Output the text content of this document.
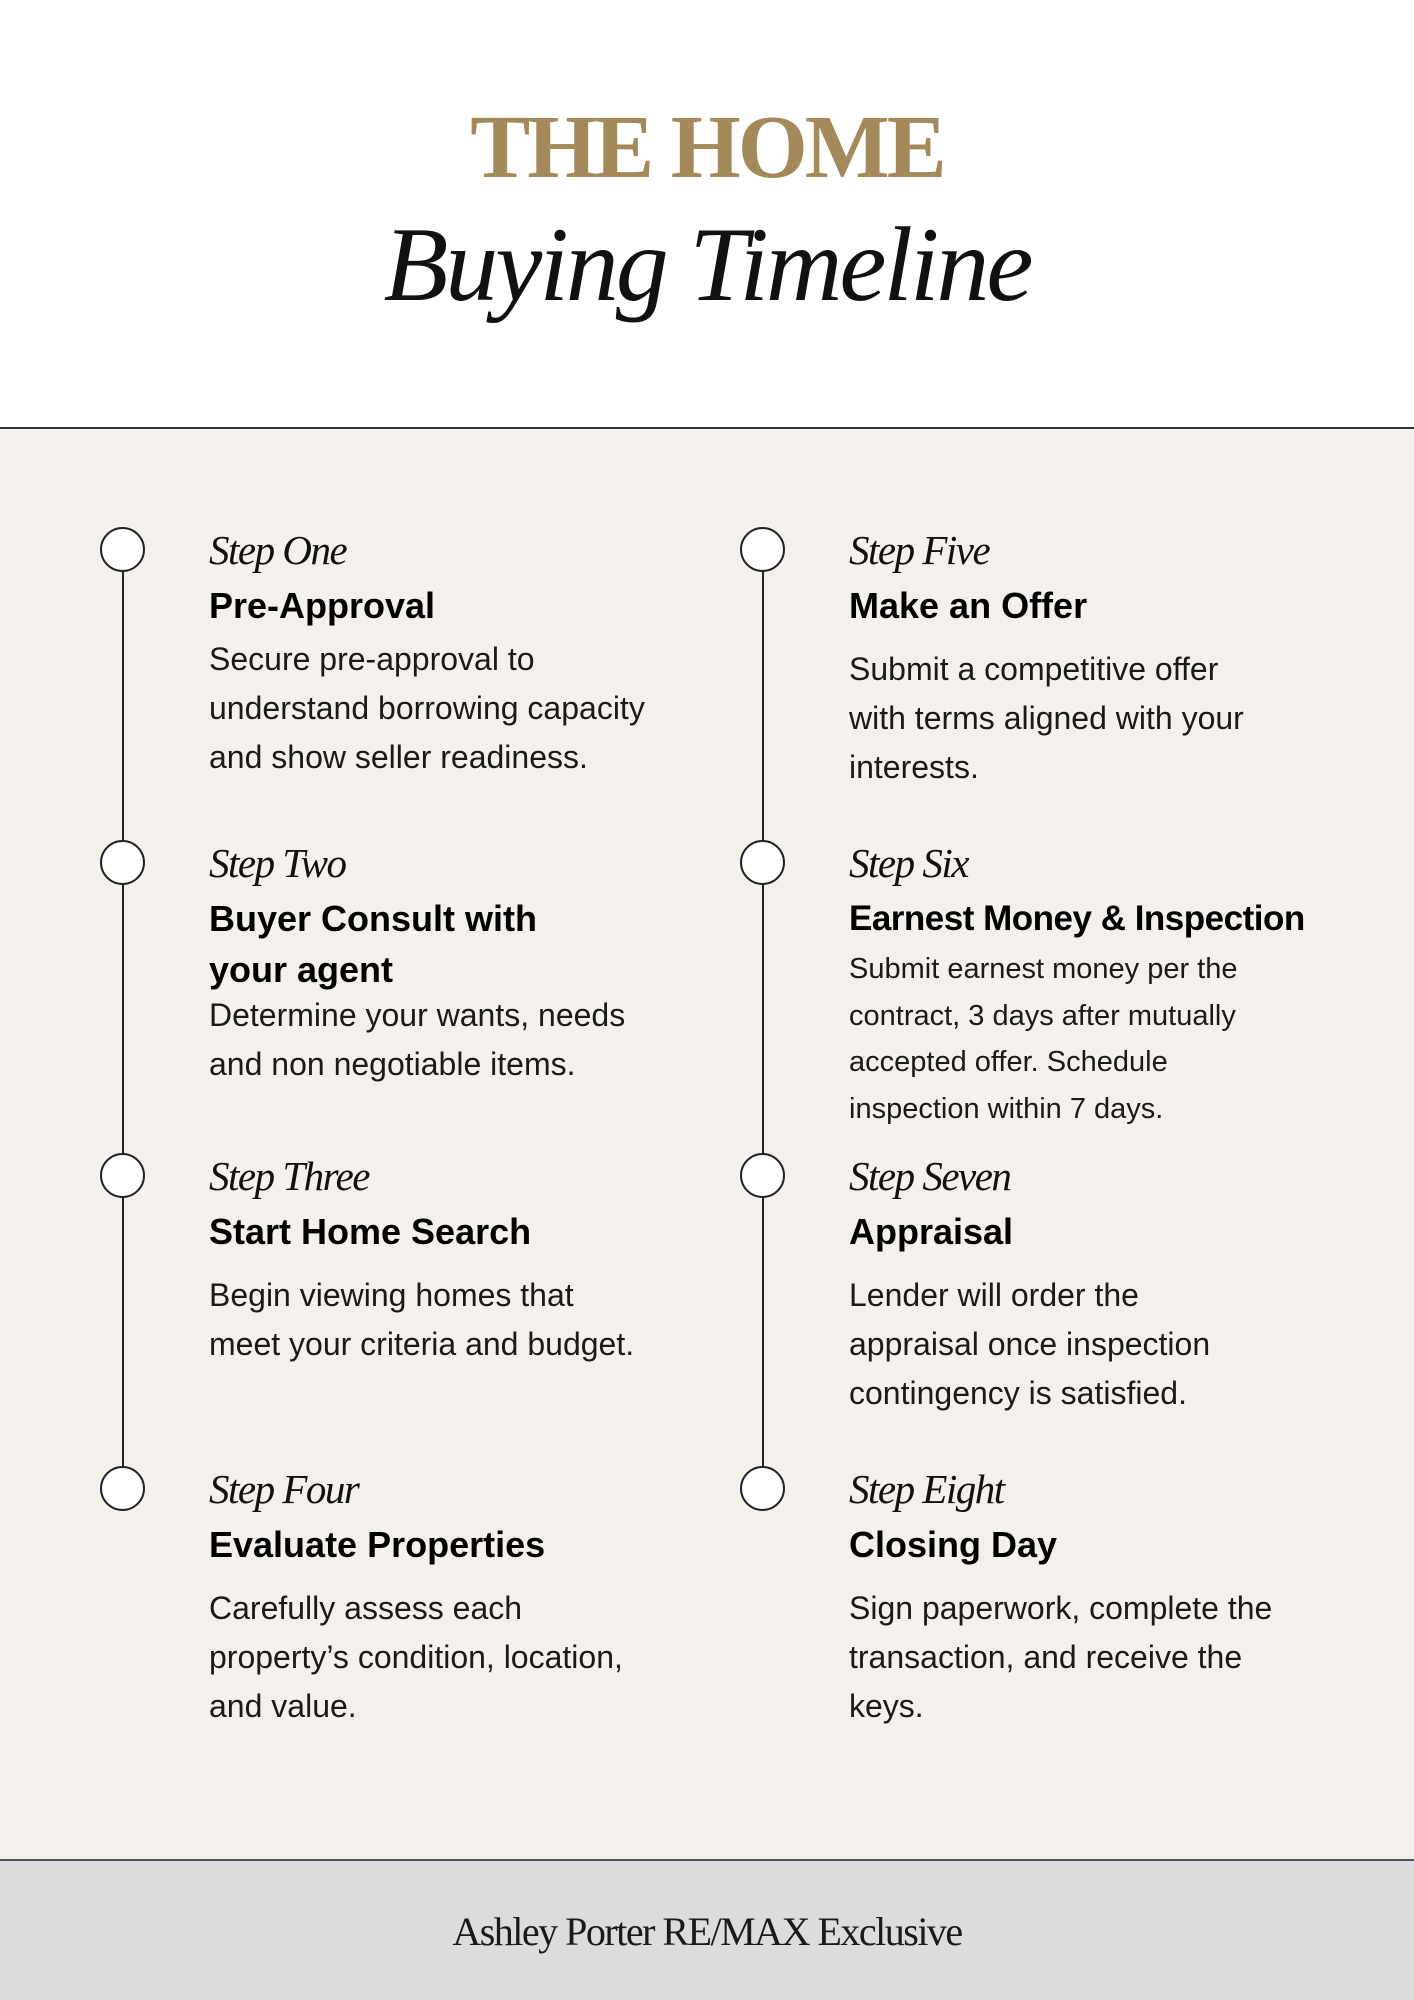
THE HOME
Buying Timeline
Step One
Pre-Approval
Secure pre-approval to
understand borrowing capacity
and show seller readiness.
Step Two
Buyer Consult with
your agent
Determine your wants, needs
and non negotiable items.
Step Three
Start Home Search
Begin viewing homes that
meet your criteria and budget.
Step Four
Evaluate Properties
Carefully assess each
property’s condition, location,
and value.
Step Five
Make an Offer
Submit a competitive offer
with terms aligned with your
interests.
Step Six
Earnest Money & Inspection
Submit earnest money per the
contract, 3 days after mutually
accepted offer. Schedule
inspection within 7 days.
Step Seven
Appraisal
Lender will order the
appraisal once inspection
contingency is satisfied.
Step Eight
Closing Day
Sign paperwork, complete the
transaction, and receive the
keys.
Ashley Porter RE/MAX Exclusive
